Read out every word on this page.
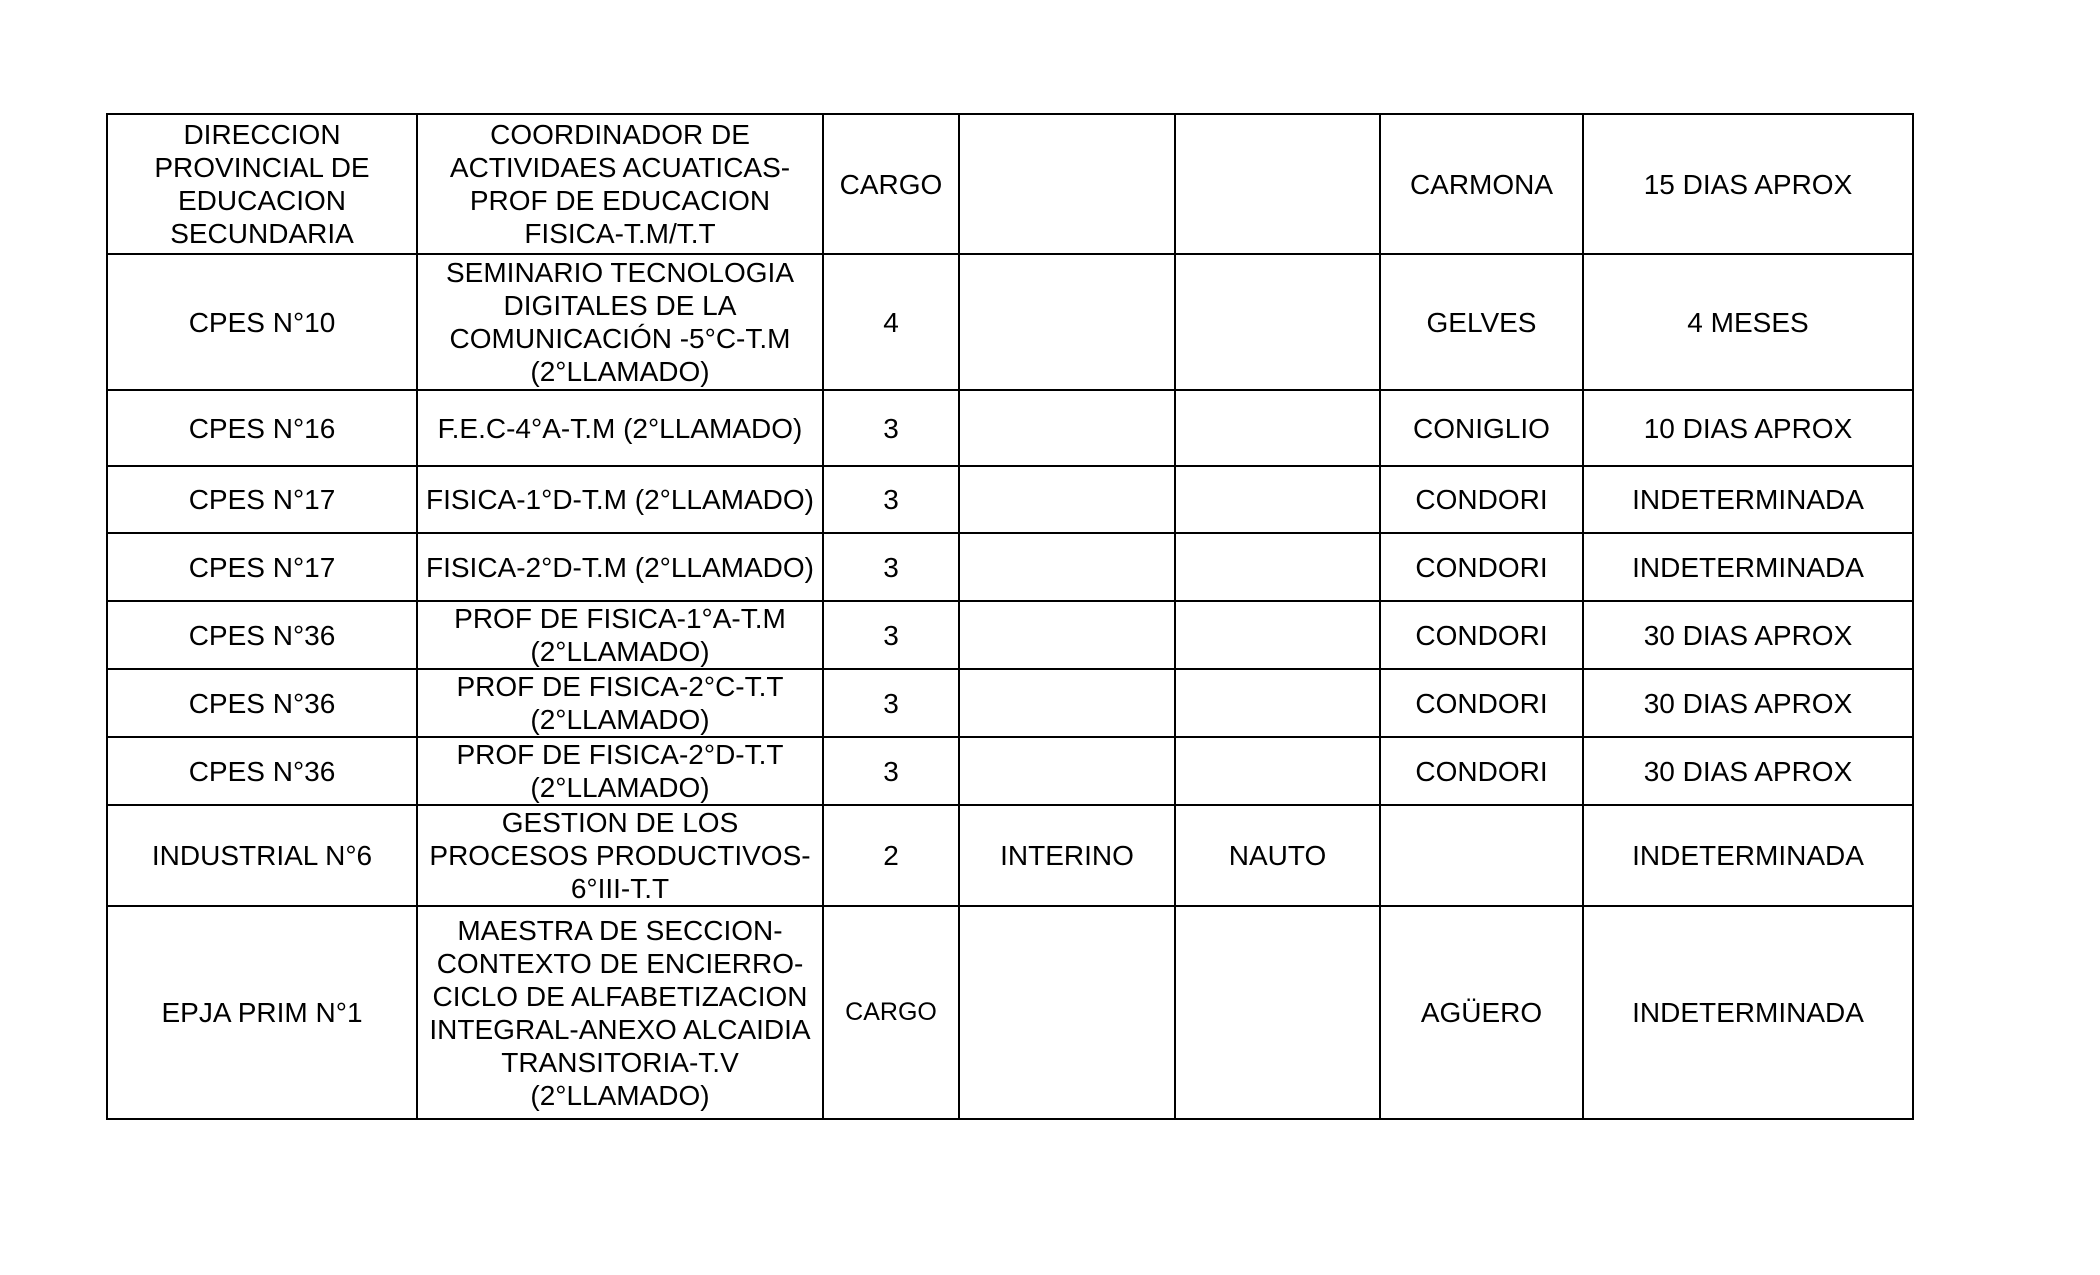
DIRECCION PROVINCIAL DE EDUCACION SECUNDARIA	COORDINADOR DE ACTIVIDAES ACUATICAS-PROF DE EDUCACION FISICA-T.M/T.T	CARGO			CARMONA	15 DIAS APROX
CPES N°10	SEMINARIO TECNOLOGIA DIGITALES DE LA COMUNICACIÓN -5°C-T.M (2°LLAMADO)	4			GELVES	4 MESES
CPES N°16	F.E.C-4°A-T.M (2°LLAMADO)	3			CONIGLIO	10 DIAS APROX
CPES N°17	FISICA-1°D-T.M (2°LLAMADO)	3			CONDORI	INDETERMINADA
CPES N°17	FISICA-2°D-T.M (2°LLAMADO)	3			CONDORI	INDETERMINADA
CPES N°36	PROF DE FISICA-1°A-T.M (2°LLAMADO)	3			CONDORI	30 DIAS APROX
CPES N°36	PROF DE FISICA-2°C-T.T (2°LLAMADO)	3			CONDORI	30 DIAS APROX
CPES N°36	PROF DE FISICA-2°D-T.T (2°LLAMADO)	3			CONDORI	30 DIAS APROX
INDUSTRIAL N°6	GESTION DE LOS PROCESOS PRODUCTIVOS-6°III-T.T	2	INTERINO	NAUTO		INDETERMINADA
EPJA PRIM N°1	MAESTRA DE SECCION-CONTEXTO DE ENCIERRO-CICLO DE ALFABETIZACION INTEGRAL-ANEXO ALCAIDIA TRANSITORIA-T.V (2°LLAMADO)	CARGO			AGÜERO	INDETERMINADA
